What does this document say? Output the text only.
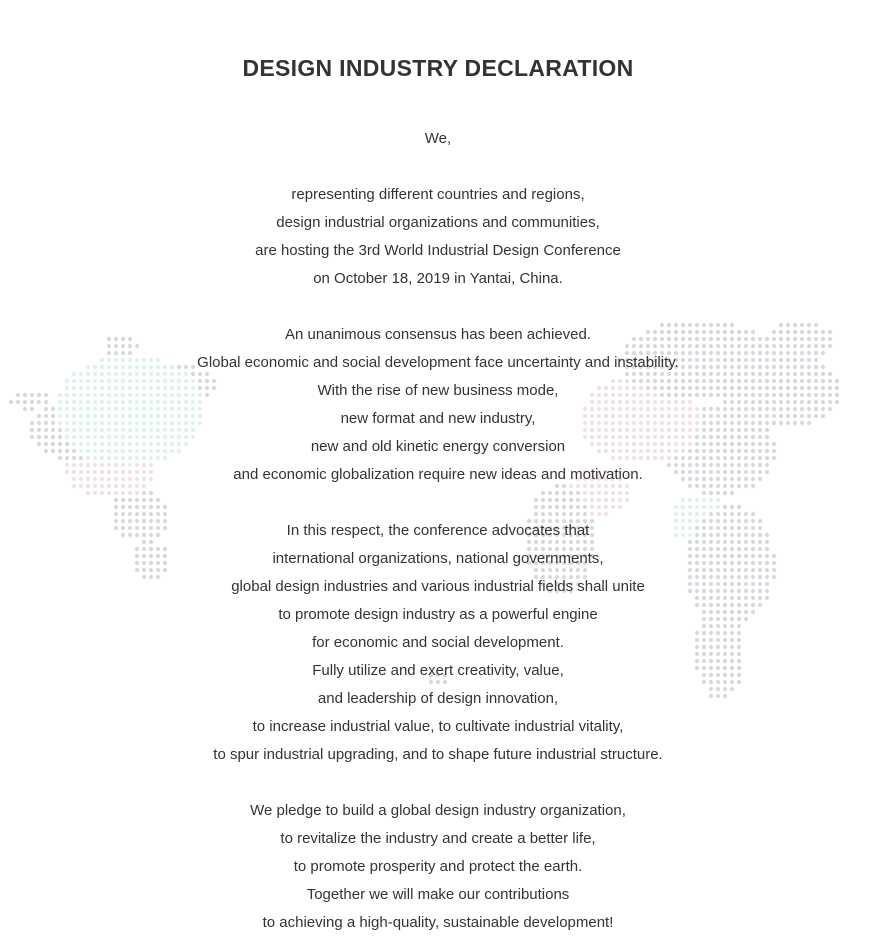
DESIGN INDUSTRY DECLARATION
We,
representing different countries and regions,
design industrial organizations and communities,
are hosting the 3rd World Industrial Design Conference
on October 18, 2019 in Yantai, China.
An unanimous consensus has been achieved.
Global economic and social development face uncertainty and instability.
With the rise of new business mode,
new format and new industry,
new and old kinetic energy conversion
and economic globalization require new ideas and motivation.
In this respect, the conference advocates that
international organizations, national governments,
global design industries and various industrial fields shall unite
to promote design industry as a powerful engine
for economic and social development.
Fully utilize and exert creativity, value,
and leadership of design innovation,
to increase industrial value, to cultivate industrial vitality,
to spur industrial upgrading, and to shape future industrial structure.
We pledge to build a global design industry organization,
to revitalize the industry and create a better life,
to promote prosperity and protect the earth.
Together we will make our contributions
to achieving a high-quality, sustainable development!
